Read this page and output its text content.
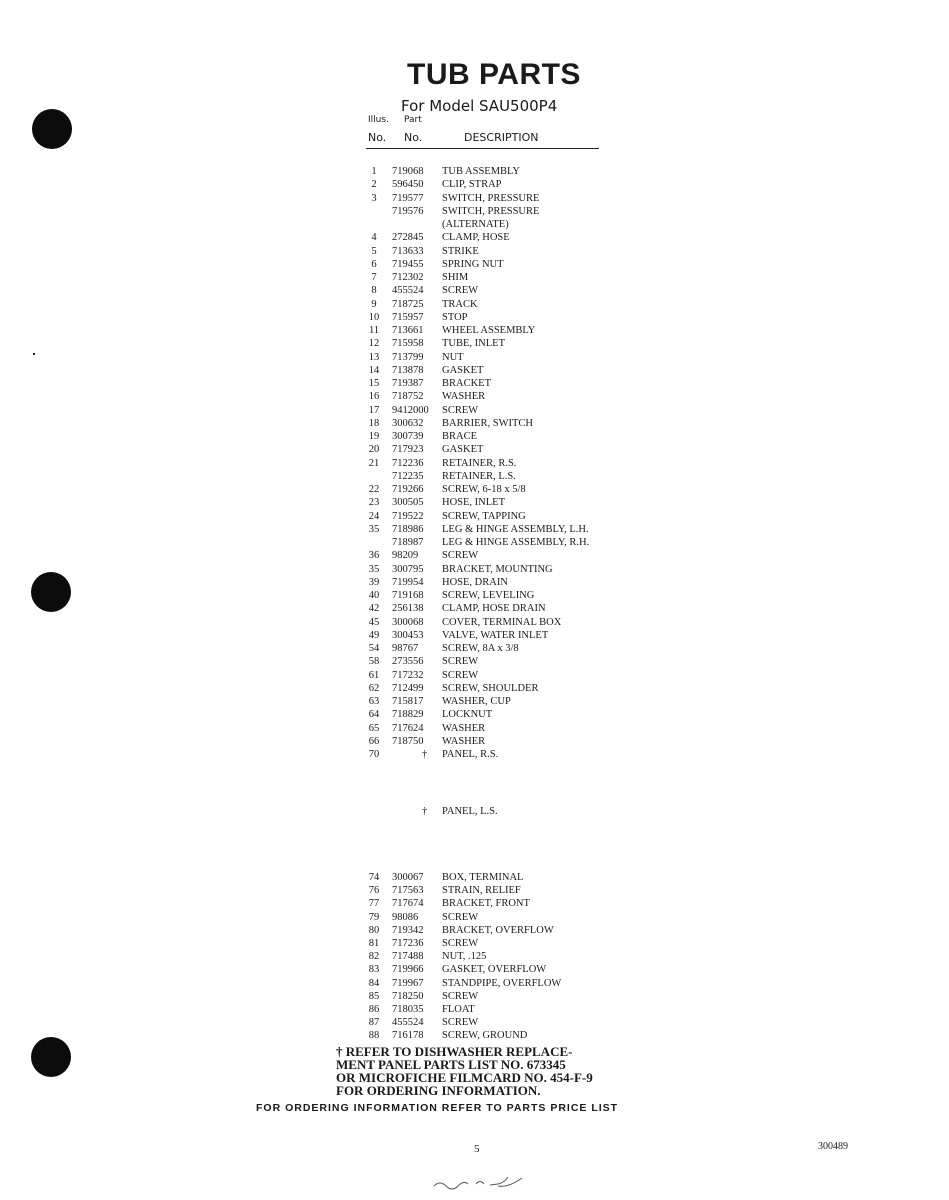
TUB PARTS
For Model SAU500P4
Illus. Part
No. No.	DESCRIPTION
1	719068 TUB ASSEMBLY
2	596450 CLIP, STRAP
3	719577 SWITCH, PRESSURE
719576 SWITCH, PRESSURE
(ALTERNATE)
4	272845 CLAMP, HOSE
5	713633 STRIKE
6	719455 SPRING NUT
7	712302 SHIM
8	455524 SCREW
9	718725 TRACK
10 715957 STOP
11 713661 WHEEL ASSEMBLY
12 715958 TUBE, INLET
13 713799 NUT
14 713878 GASKET
15 719387 BRACKET
16 718752 WASHER
17 9412000 SCREW
18 300632 BARRIER, SWITCH
19 300739 BRACE
20 717923 GASKET
21 712236 RETAINER, R.S.
712235 RETAINER, L.S.
22 719266 SCREW, 6-18 x 5/8
23 300505 HOSE, INLET
24 719522 SCREW, TAPPING
35 718986 LEG & HINGE ASSEMBLY, L.H.
718987 LEG & HINGE ASSEMBLY, R.H.
36 98209 SCREW
35 300795 BRACKET, MOUNTING
39 719954 HOSE, DRAIN
40 719168 SCREW, LEVELING
42 256138 CLAMP, HOSE DRAIN
45 300068 COVER, TERMINAL BOX
49 300453 VALVE, WATER INLET
54 98767 SCREW, 8A x 3/8
58 273556 SCREW
61 717232 SCREW
62 712499 SCREW, SHOULDER
63 715817 WASHER, CUP
64 718829 LOCKNUT
65 717624 WASHER
66 718750 WASHER
70	† PANEL, R.S.
† PANEL, L.S.
74 300067 BOX, TERMINAL
76 717563 STRAIN, RELIEF
77 717674 BRACKET, FRONT
79 98086 SCREW
80 719342 BRACKET, OVERFLOW
81 717236 SCREW
82 717488 NUT, .125
83 719966 GASKET, OVERFLOW
84 719967 STANDPIPE, OVERFLOW
85 718250 SCREW
86 718035 FLOAT
87 455524 SCREW
88 716178 SCREW, GROUND
† REFER TO DISHWASHER REPLACE-
MENT PANEL PARTS LIST NO. 673345
OR MICROFICHE FILMCARD NO. 454-F-9
FOR ORDERING INFORMATION.
FOR ORDERING INFORMATION REFER TO PARTS PRICE LIST
5	300489
